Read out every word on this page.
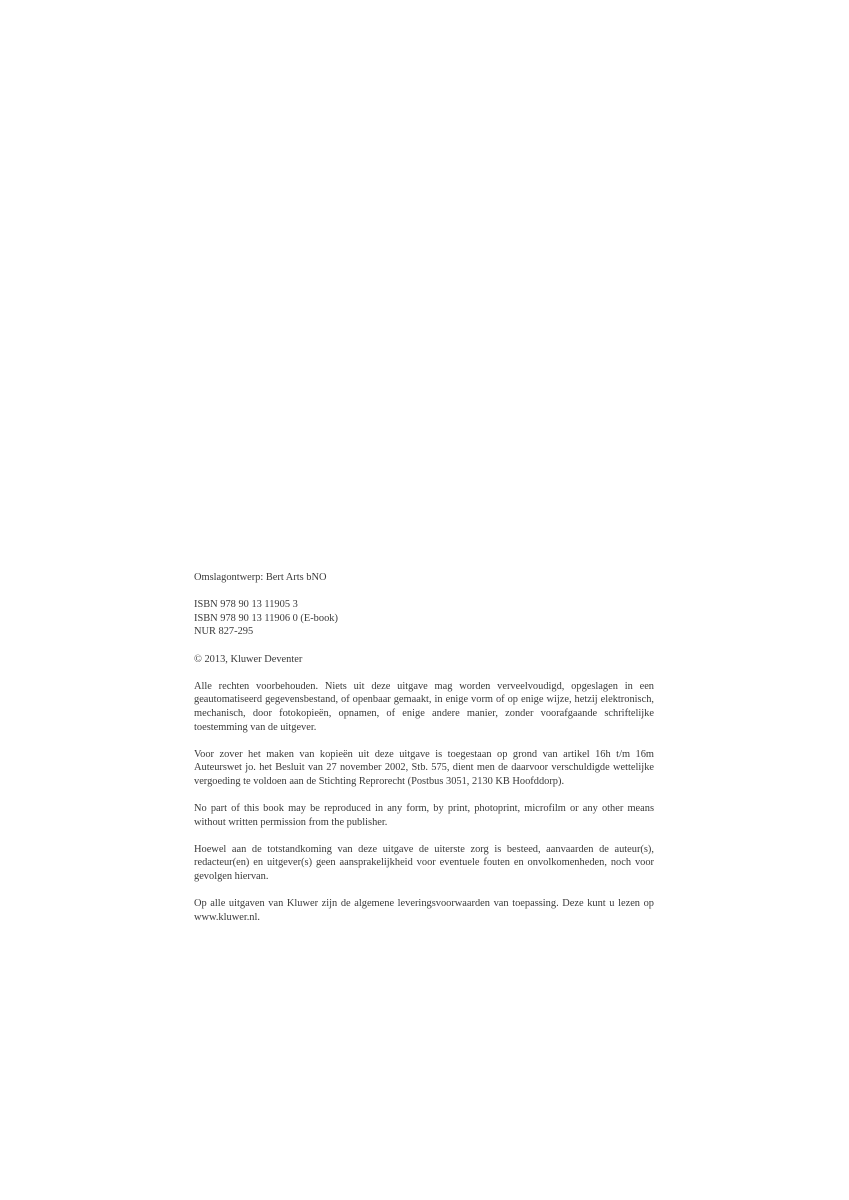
Omslagontwerp: Bert Arts bNO
ISBN 978 90 13 11905 3
ISBN 978 90 13 11906 0 (E-book)
NUR 827-295
© 2013, Kluwer Deventer

Alle rechten voorbehouden. Niets uit deze uitgave mag worden verveelvoudigd, opgeslagen in een geautomatiseerd gegevensbestand, of openbaar gemaakt, in enige vorm of op enige wijze, hetzij elektronisch, mechanisch, door fotokopieën, opnamen, of enige andere manier, zonder voorafgaande schriftelijke toestemming van de uitgever.

Voor zover het maken van kopieën uit deze uitgave is toegestaan op grond van artikel 16h t/m 16m Auteurswet jo. het Besluit van 27 november 2002, Stb. 575, dient men de daarvoor verschuldigde wettelijke vergoeding te voldoen aan de Stichting Reprorecht (Postbus 3051, 2130 KB Hoofddorp).

No part of this book may be reproduced in any form, by print, photoprint, microfilm or any other means without written permission from the publisher.

Hoewel aan de totstandkoming van deze uitgave de uiterste zorg is besteed, aanvaarden de auteur(s), redacteur(en) en uitgever(s) geen aansprakelijkheid voor eventuele fouten en onvolkomenheden, noch voor gevolgen hiervan.

Op alle uitgaven van Kluwer zijn de algemene leveringsvoorwaarden van toepassing. Deze kunt u lezen op www.kluwer.nl.
